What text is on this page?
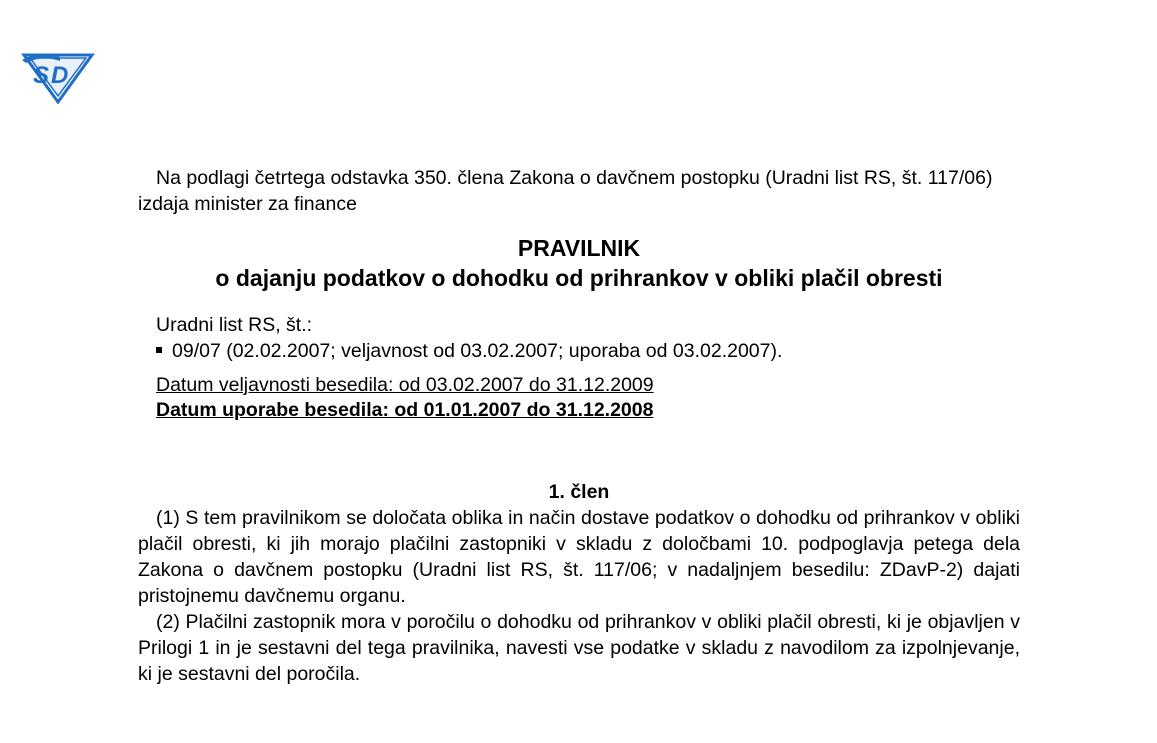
S D

Na podlagi četrtega odstavka 350. člena Zakona o davčnem postopku (Uradni list RS, št. 117/06) izdaja minister za finance

PRAVILNIK
o dajanju podatkov o dohodku od prihrankov v obliki plačil obresti
Uradni list RS, št.:
09/07 (02.02.2007; veljavnost od 03.02.2007; uporaba od 03.02.2007).
Datum veljavnosti besedila: od 03.02.2007 do 31.12.2009
Datum uporabe besedila: od 01.01.2007 do 31.12.2008
1. člen

(1) S tem pravilnikom se določata oblika in način dostave podatkov o dohodku od prihrankov v obliki plačil obresti, ki jih morajo plačilni zastopniki v skladu z določbami 10. podpoglavja petega dela Zakona o davčnem postopku (Uradni list RS, št. 117/06; v nadaljnjem besedilu: ZDavP-2) dajati pristojnemu davčnemu organu.

(2) Plačilni zastopnik mora v poročilu o dohodku od prihrankov v obliki plačil obresti, ki je objavljen v Prilogi 1 in je sestavni del tega pravilnika, navesti vse podatke v skladu z navodilom za izpolnjevanje, ki je sestavni del poročila.
